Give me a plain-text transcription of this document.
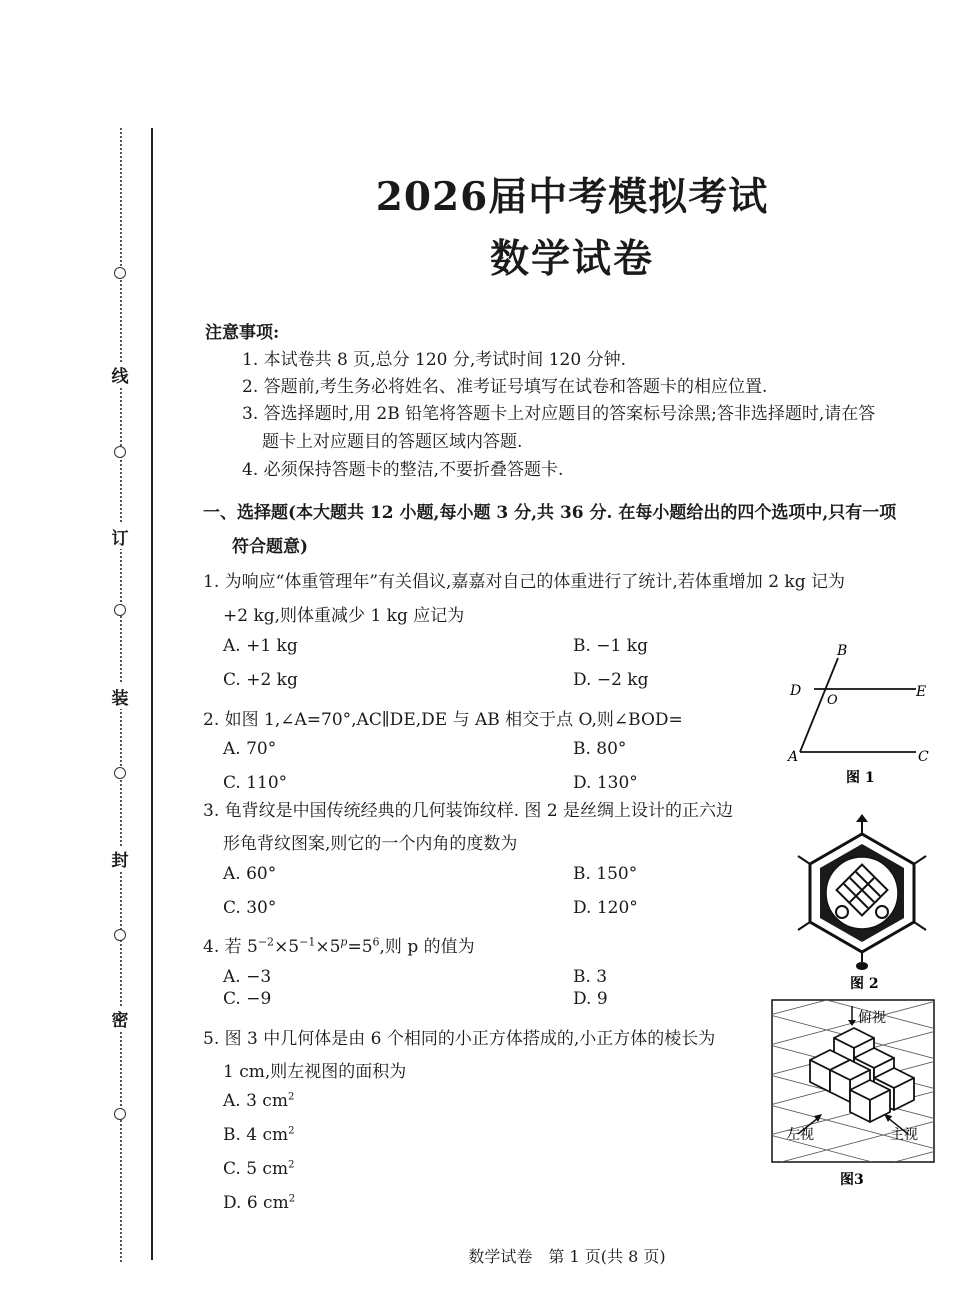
线
订
装
封
密
2026届中考模拟考试
数学试卷
注意事项:
1. 本试卷共 8 页,总分 120 分,考试时间 120 分钟.
2. 答题前,考生务必将姓名、准考证号填写在试卷和答题卡的相应位置.
3. 答选择题时,用 2B 铅笔将答题卡上对应题目的答案标号涂黑;答非选择题时,请在答
题卡上对应题目的答题区域内答题.
4. 必须保持答题卡的整洁,不要折叠答题卡.
一、选择题(本大题共 12 小题,每小题 3 分,共 36 分. 在每小题给出的四个选项中,只有一项
符合题意)
1. 为响应“体重管理年”有关倡议,嘉嘉对自己的体重进行了统计,若体重增加 2 kg 记为
+2 kg,则体重减少 1 kg 应记为
A. +1 kg	B. −1 kg
C. +2 kg	D. −2 kg
2. 如图 1,∠A=70°,AC∥DE,DE 与 AB 相交于点 O,则∠BOD=
A. 70°	B. 80°
C. 110°	D. 130°
3. 龟背纹是中国传统经典的几何装饰纹样. 图 2 是丝绸上设计的正六边
形龟背纹图案,则它的一个内角的度数为
A. 60°	B. 150°
C. 30°	D. 120°
4. 若 $5^{-2}\times 5^{-1}\times 5^p=5^6$,则 p 的值为
A. −3	B. 3
C. −9	D. 9
5. 图 3 中几何体是由 6 个相同的小正方体搭成的,小正方体的棱长为
1 cm,则左视图的面积为
A. 3 $cm^2$
B. 4 $cm^2$
C. 5 $cm^2$
D. 6 $cm^2$
B
D	E
O
A	C
图 1
图 2
俯视
左视	主视
图3
数学试卷　第 1 页(共 8 页)
